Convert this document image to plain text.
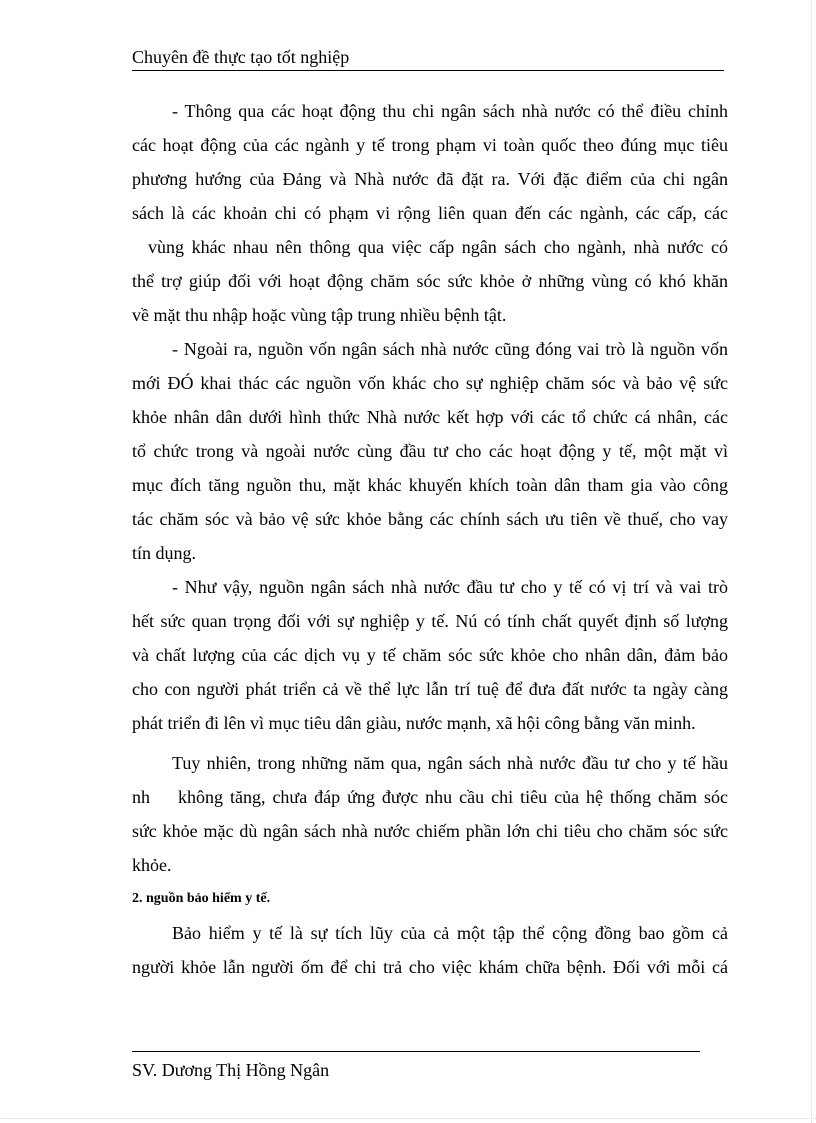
Chuyên đề thực tạo tốt nghiệp
- Thông qua các hoạt động thu chi ngân sách nhà nước có thể điều chỉnh
các hoạt động của các ngành y tế trong phạm vi toàn quốc theo đúng mục tiêu
phương hướng của Đảng và Nhà nước đã đặt ra. Với đặc điểm của chi ngân
sách là các khoản chi có phạm vi rộng liên quan đến các ngành, các cấp, các
vùng khác nhau nên thông qua việc cấp ngân sách cho ngành, nhà nước có
thể trợ giúp đối với hoạt động chăm sóc sức khỏe ở những vùng có khó khăn
về mặt thu nhập hoặc vùng tập trung nhiều bệnh tật.
- Ngoài ra, nguồn vốn ngân sách nhà nước cũng đóng vai trò là nguồn vốn
mới ĐÓ khai thác các nguồn vốn khác cho sự nghiệp chăm sóc và bảo vệ sức
khỏe nhân dân dưới hình thức Nhà nước kết hợp với các tổ chức cá nhân, các
tổ chức trong và ngoài nước cùng đầu tư cho các hoạt động y tế, một mặt vì
mục đích tăng nguồn thu, mặt khác khuyến khích toàn dân tham gia vào công
tác chăm sóc và bảo vệ sức khỏe bằng các chính sách ưu tiên về thuế, cho vay
tín dụng.
- Như vậy, nguồn ngân sách nhà nước đầu tư cho y tế có vị trí và vai trò
hết sức quan trọng đối với sự nghiệp y tế. Nú có tính chất quyết định số lượng
và chất lượng của các dịch vụ y tế chăm sóc sức khỏe cho nhân dân, đảm bảo
cho con người phát triển cả về thể lực lẫn trí tuệ để đưa đất nước ta ngày càng
phát triển đi lên vì mục tiêu dân giàu, nước mạnh, xã hội công bằng văn minh.
Tuy nhiên, trong những năm qua, ngân sách nhà nước đầu tư cho y tế hầu
nh    không tăng, chưa đáp ứng được nhu cầu chi tiêu của hệ thống chăm sóc
sức khỏe mặc dù ngân sách nhà nước chiếm phần lớn chi tiêu cho chăm sóc sức
khỏe.
2. nguồn bảo hiểm y tế.
Bảo hiểm y tế là sự tích lũy của cả một tập thể cộng đồng bao gồm cả
người khỏe lẫn người ốm để chi trả cho việc khám chữa bệnh. Đối với mỗi cá
SV. Dương Thị Hồng Ngân
